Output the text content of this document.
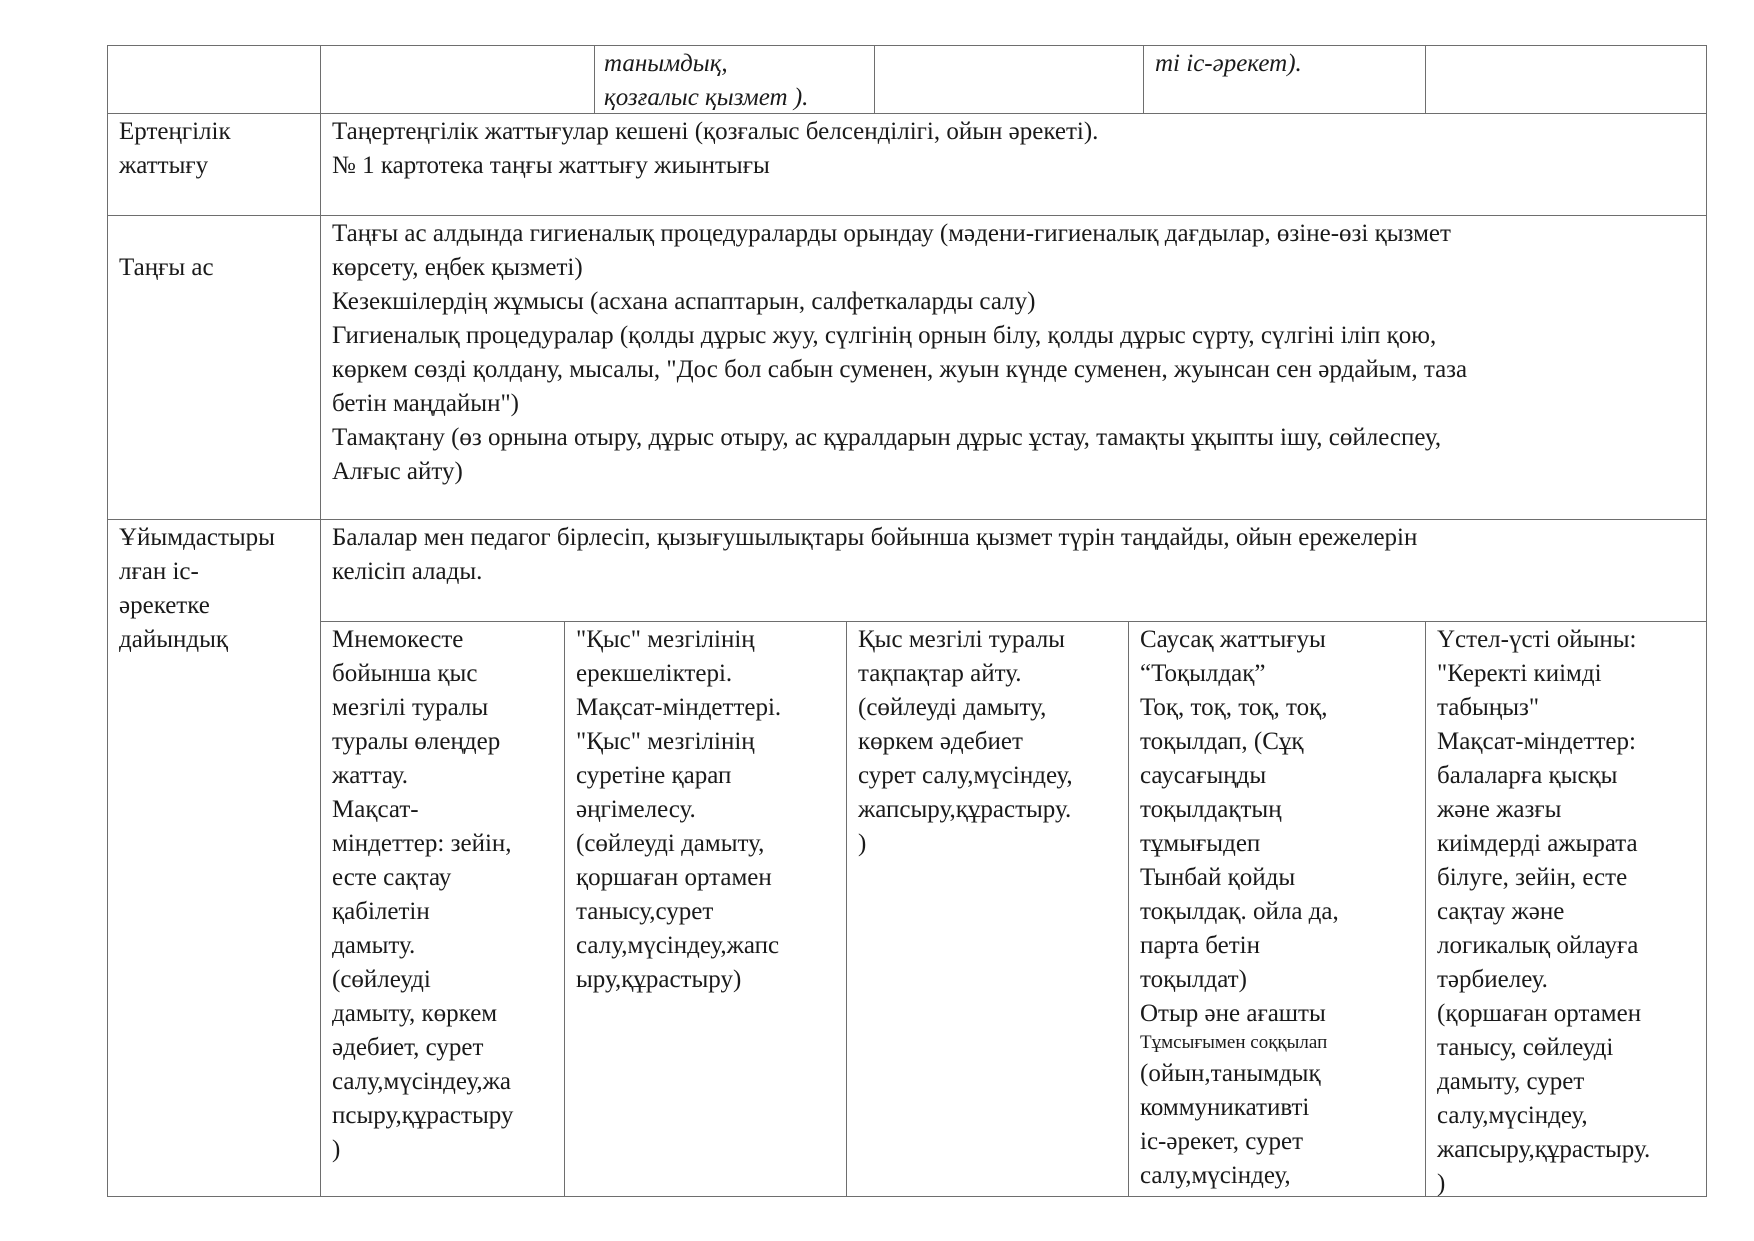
танымдық,
қозғалыс қызмет ).
ті іс-әрекет).
Ертеңгілік
жаттығу
Таңертеңгілік жаттығулар кешені (қозғалыс белсенділігі, ойын әрекеті).
№ 1 картотека таңғы жаттығу жиынтығы
Таңғы ас
Таңғы ас алдында гигиеналық процедураларды орындау (мәдени-гигиеналық дағдылар, өзіне-өзі қызмет
көрсету, еңбек қызметі)
Кезекшілердің жұмысы (асхана аспаптарын, салфеткаларды салу)
Гигиеналық процедуралар (қолды дұрыс жуу, сүлгінің орнын білу, қолды дұрыс сүрту, сүлгіні іліп қою,
көркем сөзді қолдану, мысалы, "Дос бол сабын суменен, жуын күнде суменен, жуынсан сен әрдайым, таза
бетін маңдайын")
Тамақтану (өз орнына отыру, дұрыс отыру, ас құралдарын дұрыс ұстау, тамақты ұқыпты ішу, сөйлеспеу,
Алғыс айту)
Ұйымдастыры
лған іс-
әрекетке
дайындық
Балалар мен педагог бірлесіп, қызығушылықтары бойынша қызмет түрін таңдайды, ойын ережелерін
келісіп алады.
Мнемокесте
бойынша қыс
мезгілі туралы
туралы өлеңдер
жаттау.
Мақсат-
міндеттер: зейін,
есте сақтау
қабілетін
дамыту.
(сөйлеуді
дамыту, көркем
әдебиет, сурет
салу,мүсіндеу,жа
псыру,құрастыру
)
"Қыс" мезгілінің
ерекшеліктері.
Мақсат-міндеттері.
"Қыс" мезгілінің
суретіне қарап
әңгімелесу.
(сөйлеуді дамыту,
қоршаған ортамен
танысу,сурет
салу,мүсіндеу,жапс
ыру,құрастыру)
Қыс мезгілі туралы
тақпақтар айту.
(сөйлеуді дамыту,
көркем әдебиет
сурет салу,мүсіндеу,
жапсыру,құрастыру.
)
Саусақ жаттығуы
“Тоқылдақ”
Тоқ, тоқ, тоқ, тоқ,
тоқылдап, (Сұқ
саусағыңды
тоқылдақтың
тұмығыдеп
Тынбай қойды
тоқылдақ. ойла да,
парта бетін
тоқылдат)
Отыр әне ағашты
Тұмсығымен соққылап
(ойын,танымдық
коммуникативті
іс-әрекет, сурет
салу,мүсіндеу,
Үстел-үсті ойыны:
"Керекті киімді
табыңыз"
Мақсат-міндеттер:
балаларға қысқы
және жазғы
киімдерді ажырата
білуге, зейін, есте
сақтау және
логикалық ойлауға
тәрбиелеу.
(қоршаған ортамен
танысу, сөйлеуді
дамыту, сурет
салу,мүсіндеу,
жапсыру,құрастыру.
)
